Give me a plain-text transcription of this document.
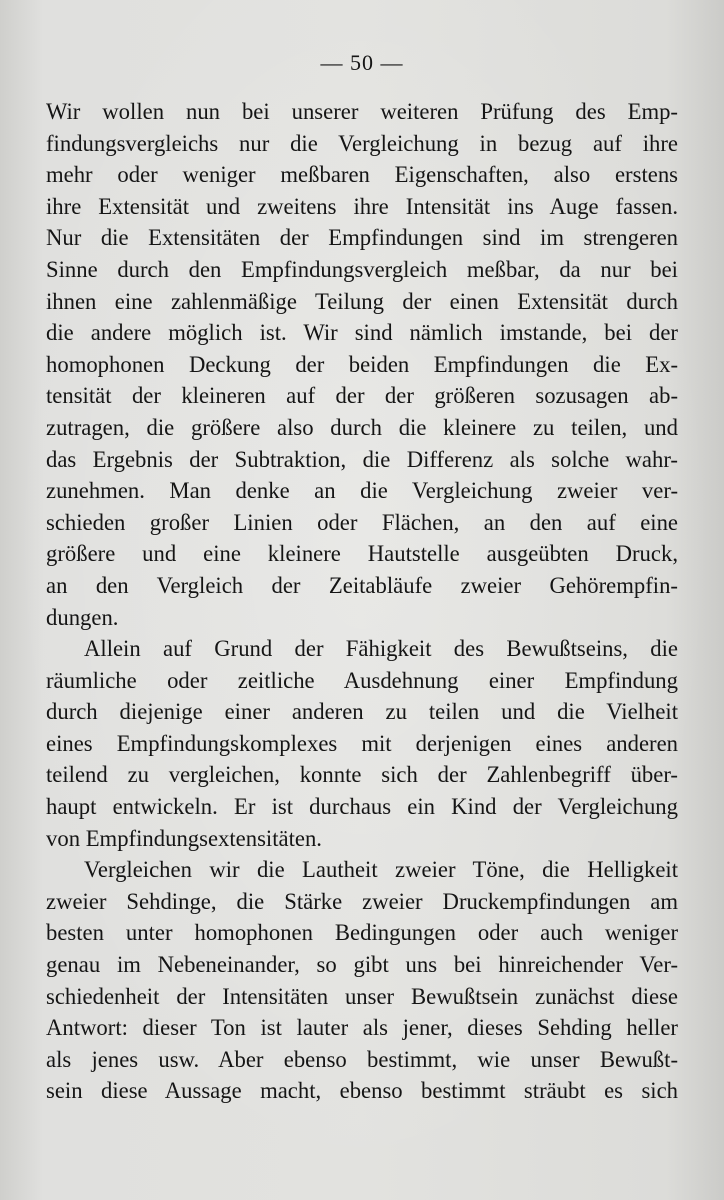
— 50 —
Wir wollen nun bei unserer weiteren Prüfung des Emp-
findungsvergleichs nur die Vergleichung in bezug auf ihre
mehr oder weniger meßbaren Eigenschaften, also erstens
ihre Extensität und zweitens ihre Intensität ins Auge fassen.
Nur die Extensitäten der Empfindungen sind im strengeren
Sinne durch den Empfindungsvergleich meßbar, da nur bei
ihnen eine zahlenmäßige Teilung der einen Extensität durch
die andere möglich ist. Wir sind nämlich imstande, bei der
homophonen Deckung der beiden Empfindungen die Ex-
tensität der kleineren auf der der größeren sozusagen ab-
zutragen, die größere also durch die kleinere zu teilen, und
das Ergebnis der Subtraktion, die Differenz als solche wahr-
zunehmen. Man denke an die Vergleichung zweier ver-
schieden großer Linien oder Flächen, an den auf eine
größere und eine kleinere Hautstelle ausgeübten Druck,
an den Vergleich der Zeitabläufe zweier Gehörempfin-
dungen.
Allein auf Grund der Fähigkeit des Bewußtseins, die
räumliche oder zeitliche Ausdehnung einer Empfindung
durch diejenige einer anderen zu teilen und die Vielheit
eines Empfindungskomplexes mit derjenigen eines anderen
teilend zu vergleichen, konnte sich der Zahlenbegriff über-
haupt entwickeln. Er ist durchaus ein Kind der Vergleichung
von Empfindungsextensitäten.
Vergleichen wir die Lautheit zweier Töne, die Helligkeit
zweier Sehdinge, die Stärke zweier Druckempfindungen am
besten unter homophonen Bedingungen oder auch weniger
genau im Nebeneinander, so gibt uns bei hinreichender Ver-
schiedenheit der Intensitäten unser Bewußtsein zunächst diese
Antwort: dieser Ton ist lauter als jener, dieses Sehding heller
als jenes usw. Aber ebenso bestimmt, wie unser Bewußt-
sein diese Aussage macht, ebenso bestimmt sträubt es sich
